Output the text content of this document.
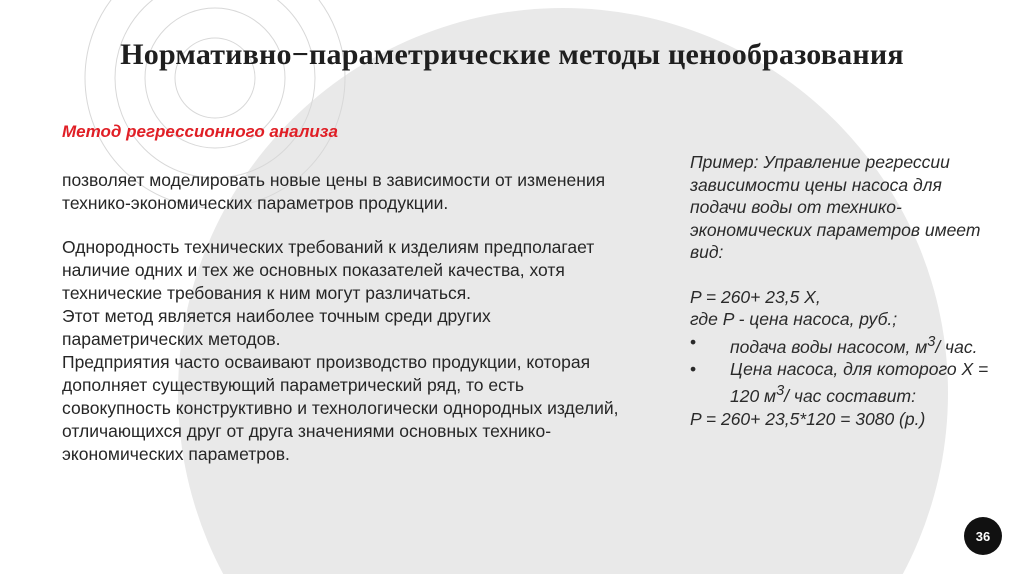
Нормативно−параметрические методы ценообразования
Метод регрессионного анализа

позволяет моделировать новые цены в зависимости от изменения технико-экономических параметров продукции.

Однородность технических требований к изделиям предполагает наличие одних и тех же основных показателей качества, хотя технические требования к ним могут различаться.

Этот метод является наиболее точным среди других параметрических методов.

Предприятия часто осваивают производство продукции, которая дополняет существующий параметрический ряд, то есть совокупность конструктивно и технологически однородных изделий, отличающихся друг от друга значениями основных технико-экономических параметров.

Пример: Управление регрессии зависимости цены насоса для подачи воды от технико-экономических параметров имеет вид:

P = 260+ 23,5 X,

где P - цена насоса, руб.;

• подача воды насосом, $м^3/$ час.

• Цена насоса, для которого X = 120 $м^3/$ час составит:

P = 260+ 23,5*120 = 3080 (р.)

36
